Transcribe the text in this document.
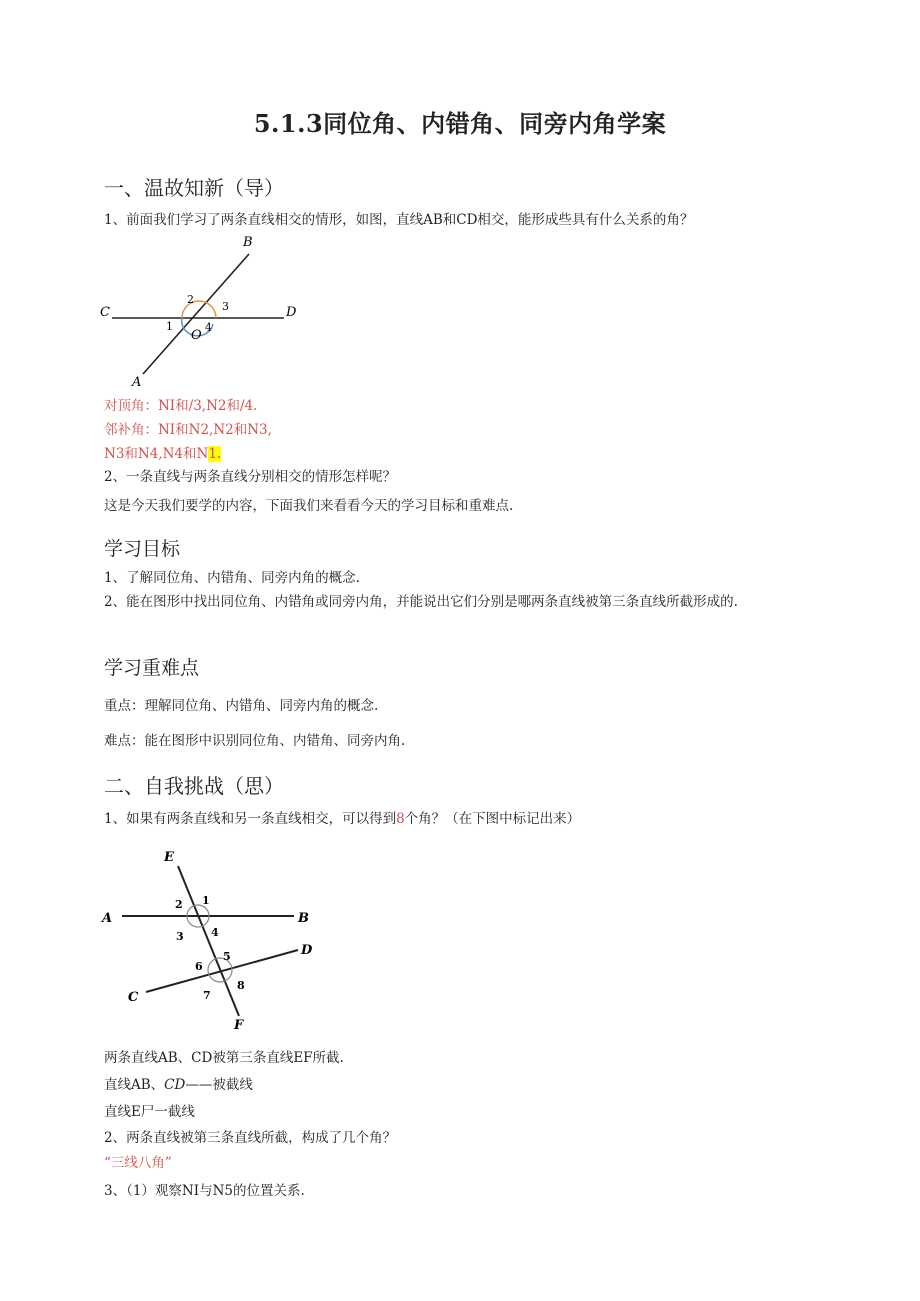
5.1.3同位角、内错角、同旁内角学案
一、温故知新（导）
1、前面我们学习了两条直线相交的情形，如图，直线AB和CD相交，能形成些具有什么关系的角？
B
C	D
A
O
1
2
3
4
对顶角：NI和/3,N2和/4.
邻补角：NI和N2,N2和N3,
N3和N4,N4和N1.
2、一条直线与两条直线分别相交的情形怎样呢？
这是今天我们要学的内容，下面我们来看看今天的学习目标和重难点.
学习目标
1、了解同位角、内错角、同旁内角的概念.
2、能在图形中找出同位角、内错角或同旁内角，并能说出它们分别是哪两条直线被第三条直线所截形成的.
学习重难点
重点：理解同位角、内错角、同旁内角的概念.
难点：能在图形中识别同位角、内错角、同旁内角.
二、自我挑战（思）
1、如果有两条直线和另一条直线相交，可以得到8个角？（在下图中标记出来）
E
A	B
D
C
F
1
2
3 4
5
6
7
8
两条直线AB、CD被第三条直线EF所截.
直线AB、CD——被截线
直线E尸一截线
2、两条直线被第三条直线所截，构成了几个角？
“三线八角”
3、（1）观察NI与N5的位置关系.
